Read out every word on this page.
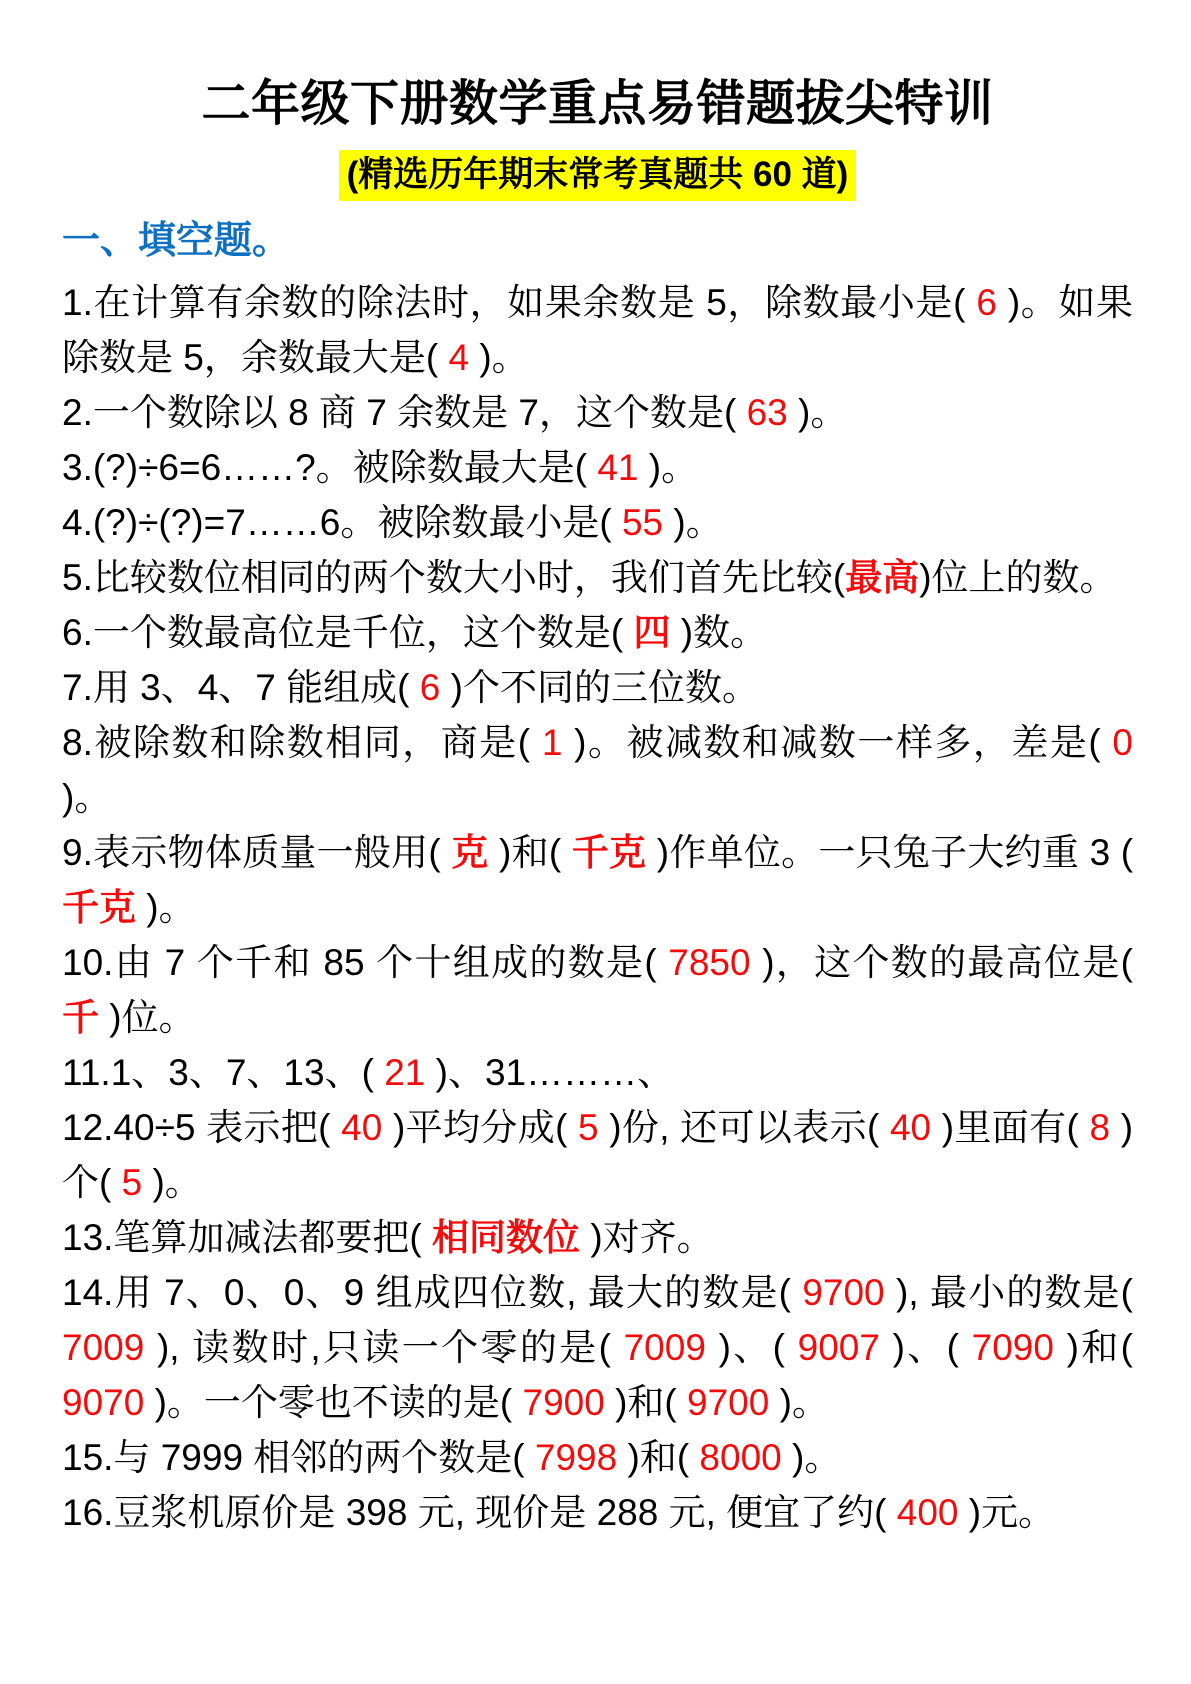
二年级下册数学重点易错题拔尖特训
(精选历年期末常考真题共 60 道)
一、填空题。

1.在计算有余数的除法时，如果余数是 5，除数最小是( 6 )。如果除数是 5，余数最大是( 4 )。

2.一个数除以 8 商 7 余数是 7，这个数是( 63 )。

3.(?)÷6=6……?。被除数最大是( 41 )。

4.(?)÷(?)=7……6。被除数最小是( 55 )。

5.比较数位相同的两个数大小时，我们首先比较(最高)位上的数。

6.一个数最高位是千位，这个数是( 四 )数。

7.用 3、4、7 能组成( 6 )个不同的三位数。

8.被除数和除数相同，商是( 1 )。被减数和减数一样多，差是( 0 )。

9.表示物体质量一般用( 克 )和( 千克 )作单位。一只兔子大约重 3 ( 千克 )。

10.由 7 个千和 85 个十组成的数是( 7850 )，这个数的最高位是( 千 )位。

11.1、3、7、13、( 21 )、31………、

12.40÷5 表示把( 40 )平均分成( 5 )份, 还可以表示( 40 )里面有( 8 )个( 5 )。

13.笔算加减法都要把( 相同数位 )对齐。

14.用 7、0、0、9 组成四位数, 最大的数是( 9700 ), 最小的数是( 7009 ), 读数时,只读一个零的是( 7009 )、( 9007 )、( 7090 )和( 9070 )。一个零也不读的是( 7900 )和( 9700 )。

15.与 7999 相邻的两个数是( 7998 )和( 8000 )。

16.豆浆机原价是 398 元, 现价是 288 元, 便宜了约( 400 )元。
